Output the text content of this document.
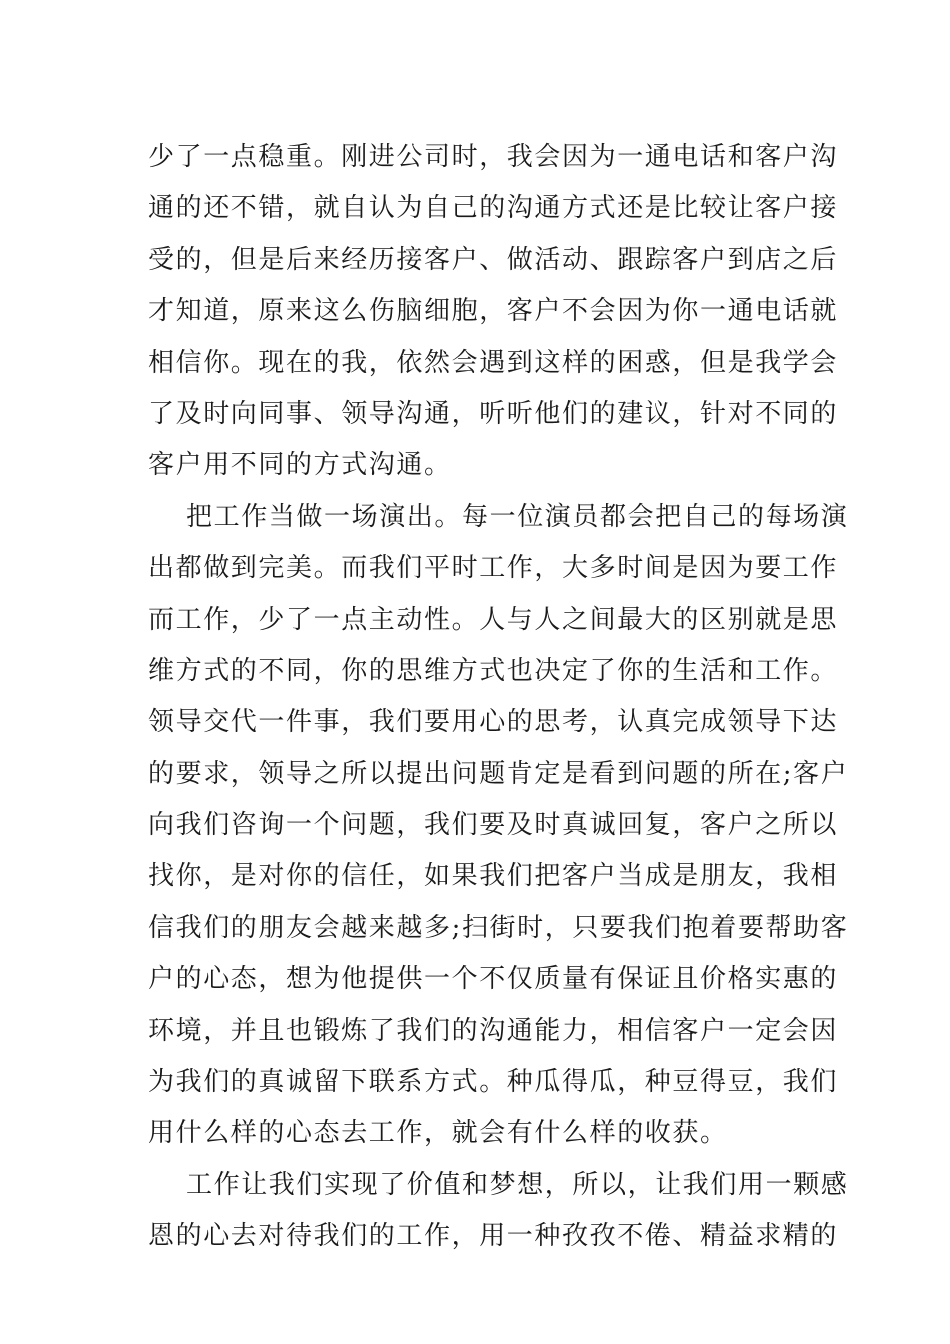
少了一点稳重。刚进公司时，我会因为一通电话和客户沟
通的还不错，就自认为自己的沟通方式还是比较让客户接
受的，但是后来经历接客户、做活动、跟踪客户到店之后
才知道，原来这么伤脑细胞，客户不会因为你一通电话就
相信你。现在的我，依然会遇到这样的困惑，但是我学会
了及时向同事、领导沟通，听听他们的建议，针对不同的
客户用不同的方式沟通。
把工作当做一场演出。每一位演员都会把自己的每场演
出都做到完美。而我们平时工作，大多时间是因为要工作
而工作，少了一点主动性。人与人之间最大的区别就是思
维方式的不同，你的思维方式也决定了你的生活和工作。
领导交代一件事，我们要用心的思考，认真完成领导下达
的要求，领导之所以提出问题肯定是看到问题的所在;客户
向我们咨询一个问题，我们要及时真诚回复，客户之所以
找你，是对你的信任，如果我们把客户当成是朋友，我相
信我们的朋友会越来越多;扫街时，只要我们抱着要帮助客
户的心态，想为他提供一个不仅质量有保证且价格实惠的
环境，并且也锻炼了我们的沟通能力，相信客户一定会因
为我们的真诚留下联系方式。种瓜得瓜，种豆得豆，我们
用什么样的心态去工作，就会有什么样的收获。
工作让我们实现了价值和梦想，所以，让我们用一颗感
恩的心去对待我们的工作，用一种孜孜不倦、精益求精的
